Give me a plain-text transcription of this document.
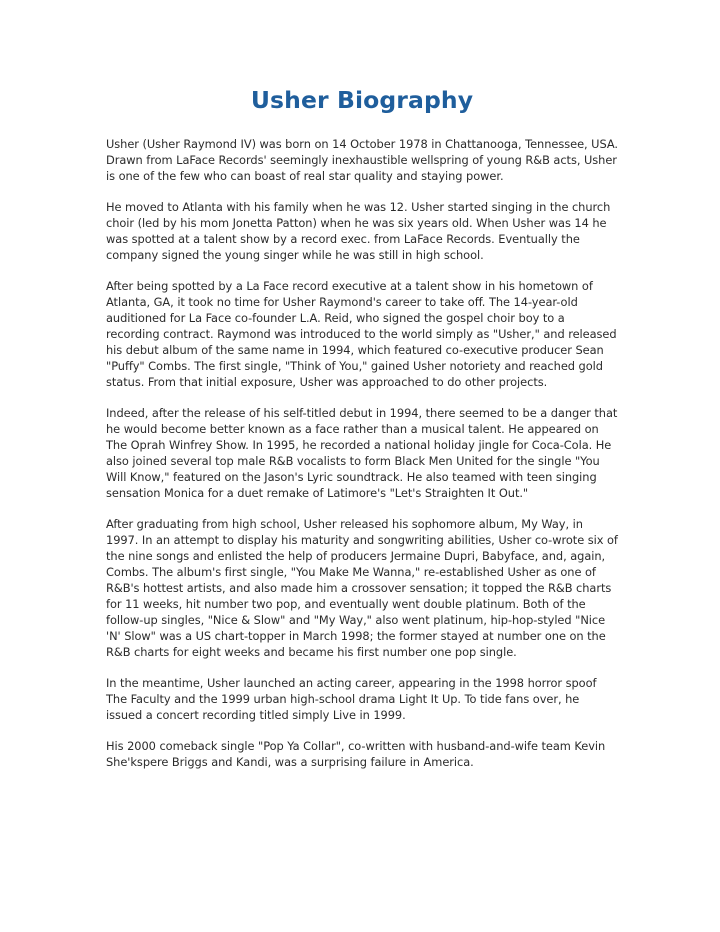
Usher Biography

Usher (Usher Raymond IV) was born on 14 October 1978 in Chattanooga, Tennessee, USA. Drawn from LaFace Records' seemingly inexhaustible wellspring of young R&B acts, Usher is one of the few who can boast of real star quality and staying power.

He moved to Atlanta with his family when he was 12. Usher started singing in the church choir (led by his mom Jonetta Patton) when he was six years old. When Usher was 14 he was spotted at a talent show by a record exec. from LaFace Records. Eventually the company signed the young singer while he was still in high school.

After being spotted by a La Face record executive at a talent show in his hometown of Atlanta, GA, it took no time for Usher Raymond's career to take off. The 14-year-old auditioned for La Face co-founder L.A. Reid, who signed the gospel choir boy to a recording contract. Raymond was introduced to the world simply as "Usher," and released his debut album of the same name in 1994, which featured co-executive producer Sean "Puffy" Combs. The first single, "Think of You," gained Usher notoriety and reached gold status. From that initial exposure, Usher was approached to do other projects.

Indeed, after the release of his self-titled debut in 1994, there seemed to be a danger that he would become better known as a face rather than a musical talent. He appeared on The Oprah Winfrey Show. In 1995, he recorded a national holiday jingle for Coca-Cola. He also joined several top male R&B vocalists to form Black Men United for the single "You Will Know," featured on the Jason's Lyric soundtrack. He also teamed with teen singing sensation Monica for a duet remake of Latimore's "Let's Straighten It Out."

After graduating from high school, Usher released his sophomore album, My Way, in 1997. In an attempt to display his maturity and songwriting abilities, Usher co-wrote six of the nine songs and enlisted the help of producers Jermaine Dupri, Babyface, and, again, Combs. The album's first single, "You Make Me Wanna," re-established Usher as one of R&B's hottest artists, and also made him a crossover sensation; it topped the R&B charts for 11 weeks, hit number two pop, and eventually went double platinum. Both of the follow-up singles, "Nice & Slow" and "My Way," also went platinum, hip-hop-styled "Nice 'N' Slow" was a US chart-topper in March 1998; the former stayed at number one on the R&B charts for eight weeks and became his first number one pop single.

In the meantime, Usher launched an acting career, appearing in the 1998 horror spoof The Faculty and the 1999 urban high-school drama Light It Up. To tide fans over, he issued a concert recording titled simply Live in 1999.

His 2000 comeback single "Pop Ya Collar", co-written with husband-and-wife team Kevin She'kspere Briggs and Kandi, was a surprising failure in America.
